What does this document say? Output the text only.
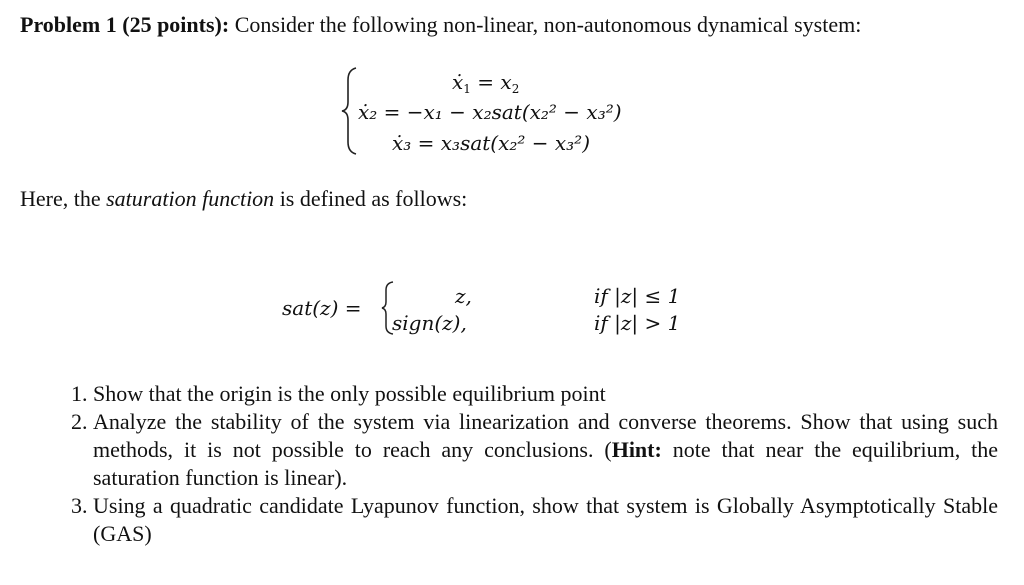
Problem 1 (25 points): Consider the following non-linear, non-autonomous dynamical system:
ẋ$_1$ = $x_2$
ẋ₂ = −x₁ − x₂sat(x₂² − x₃²)
ẋ₃ = x₃sat(x₂² − x₃²)
Here, the saturation function is defined as follows:
sat(z) =	z,
sign(z),
if |z| ≤ 1
if |z| > 1
1. Show that the origin is the only possible equilibrium point
2. Analyze the stability of the system via linearization and converse theorems. Show that using such methods, it is not possible to reach any conclusions. (Hint: note that near the equilibrium, the saturation function is linear).
3. Using a quadratic candidate Lyapunov function, show that system is Globally Asymptotically Stable (GAS)
